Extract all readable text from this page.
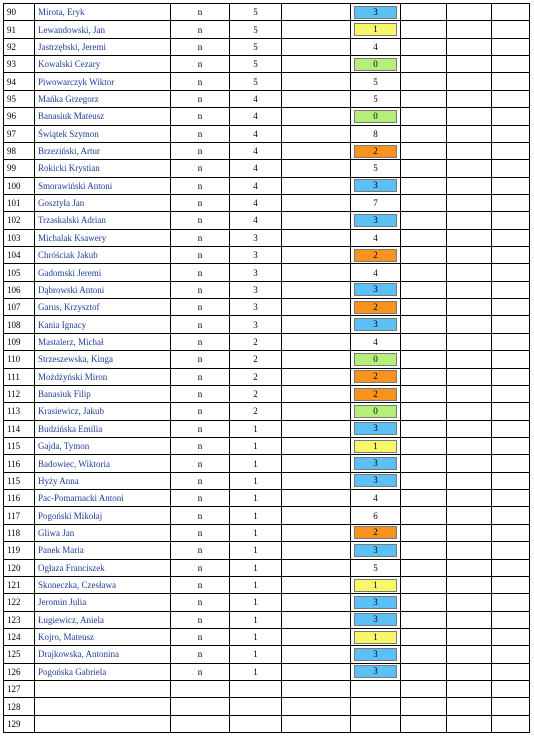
90	Mirota, Eryk	n	5		3			

91	Lewandowski, Jan	n	5		1			

92	Jastrzębski, Jeremi	n	5		4			
93	Kowalski Cezary	n	5		0			

94	Piwowarczyk Wiktor	n	5		5			
95	Mańka Grzegorz	n	4		5			
96	Banasiuk Mateusz	n	4		0			

97	Świątek Szymon	n	4		8			
98	Brzeziński, Artur	n	4		2			

99	Rokicki Krystian	n	4		5			
100	Smorawiński Antoni	n	4		3			

101	Gosztyła Jan	n	4		7			
102	Trzaskalski Adrian	n	4		3			

103	Michalak Ksawery	n	3		4			
104	Chróściak Jakub	n	3		2			

105	Gadomski Jeremi	n	3		4			
106	Dąbrowski Antoni	n	3		3			

107	Garus, Krzysztof	n	3		2			

108	Kania Ignacy	n	3		3			

109	Mastalerz, Michał	n	2		4			
110	Strzeszewska, Kinga	n	2		0			

111	Możdżyński Miron	n	2		2			

112	Banasiuk Filip	n	2		2			

113	Krasiewicz, Jakub	n	2		0			

114	Budzińska Emilia	n	1		3			

115	Gajda, Tymon	n	1		1			

116	Badowiec, Wiktoria	n	1		3			

115	Hyży Anna	n	1		3			

116	Pac-Pomarnacki Antoni	n	1		4			
117	Pogoński Mikołaj	n	1		6			
118	Gliwa Jan	n	1		2			

119	Panek Maria	n	1		3			

120	Ogłaza Franciszek	n	1		5			
121	Skoneczka, Czesława	n	1		1			

122	Jeromin Julia	n	1		3			

123	Ługiewicz, Aniela	n	1		3			

124	Kojro, Mateusz	n	1		1			

125	Drajkowska, Antonina	n	1		3			

126	Pogońska Gabriela	n	1		3			

127								
128								
129								
